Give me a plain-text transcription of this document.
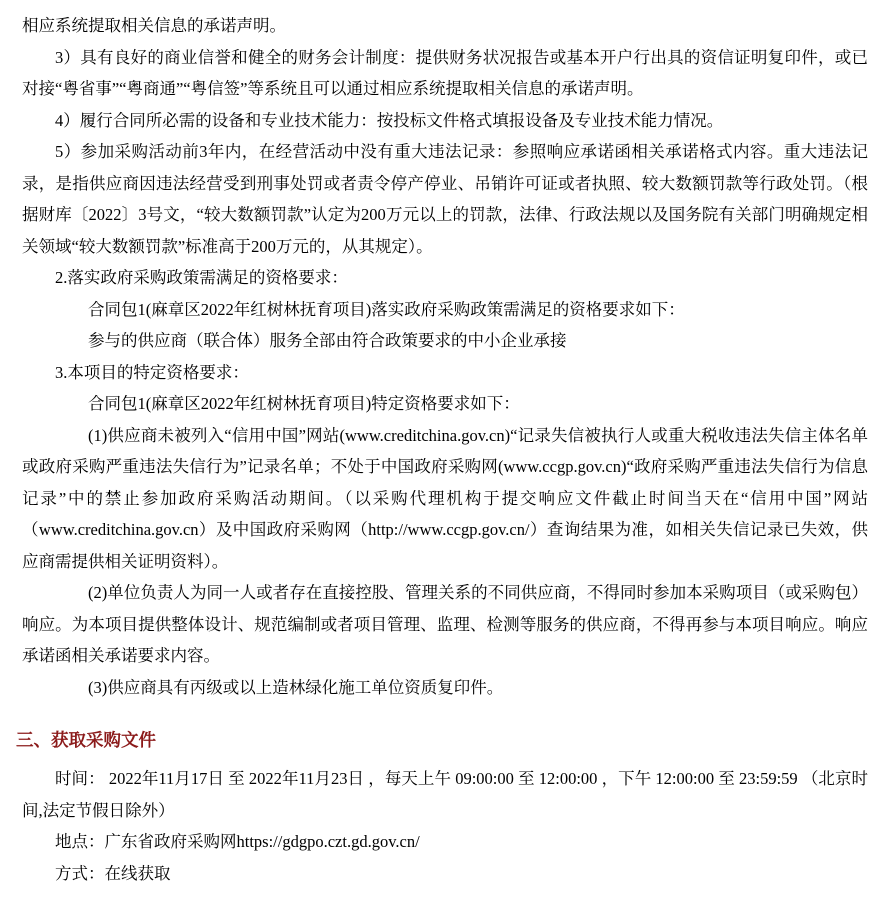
相应系统提取相关信息的承诺声明。

3）具有良好的商业信誉和健全的财务会计制度：提供财务状况报告或基本开户行出具的资信证明复印件，或已对接“粤省事”“粤商通”“粤信签”等系统且可以通过相应系统提取相关信息的承诺声明。

4）履行合同所必需的设备和专业技术能力：按投标文件格式填报设备及专业技术能力情况。

5）参加采购活动前3年内，在经营活动中没有重大违法记录：参照响应承诺函相关承诺格式内容。重大违法记录，是指供应商因违法经营受到刑事处罚或者责令停产停业、吊销许可证或者执照、较大数额罚款等行政处罚。（根据财库〔2022〕3号文，“较大数额罚款”认定为200万元以上的罚款，法律、行政法规以及国务院有关部门明确规定相关领域“较大数额罚款”标准高于200万元的，从其规定）。

2.落实政府采购政策需满足的资格要求：

合同包1(麻章区2022年红树林抚育项目)落实政府采购政策需满足的资格要求如下：

参与的供应商（联合体）服务全部由符合政策要求的中小企业承接

3.本项目的特定资格要求：

合同包1(麻章区2022年红树林抚育项目)特定资格要求如下：

(1)供应商未被列入“信用中国”网站(www.creditchina.gov.cn)“记录失信被执行人或重大税收违法失信主体名单或政府采购严重违法失信行为”记录名单；不处于中国政府采购网(www.ccgp.gov.cn)“政府采购严重违法失信行为信息记录”中的禁止参加政府采购活动期间。（以采购代理机构于提交响应文件截止时间当天在“信用中国”网站（www.creditchina.gov.cn）及中国政府采购网（http://www.ccgp.gov.cn/）查询结果为准，如相关失信记录已失效，供应商需提供相关证明资料）。

(2)单位负责人为同一人或者存在直接控股、管理关系的不同供应商，不得同时参加本采购项目（或采购包）响应。为本项目提供整体设计、规范编制或者项目管理、监理、检测等服务的供应商，不得再参与本项目响应。响应承诺函相关承诺要求内容。

(3)供应商具有丙级或以上造林绿化施工单位资质复印件。

三、获取采购文件

时间： 2022年11月17日 至 2022年11月23日 ，每天上午 09:00:00 至 12:00:00 ，下午 12:00:00 至 23:59:59 （北京时间,法定节假日除外）

地点：广东省政府采购网https://gdgpo.czt.gd.gov.cn/

方式：在线获取
